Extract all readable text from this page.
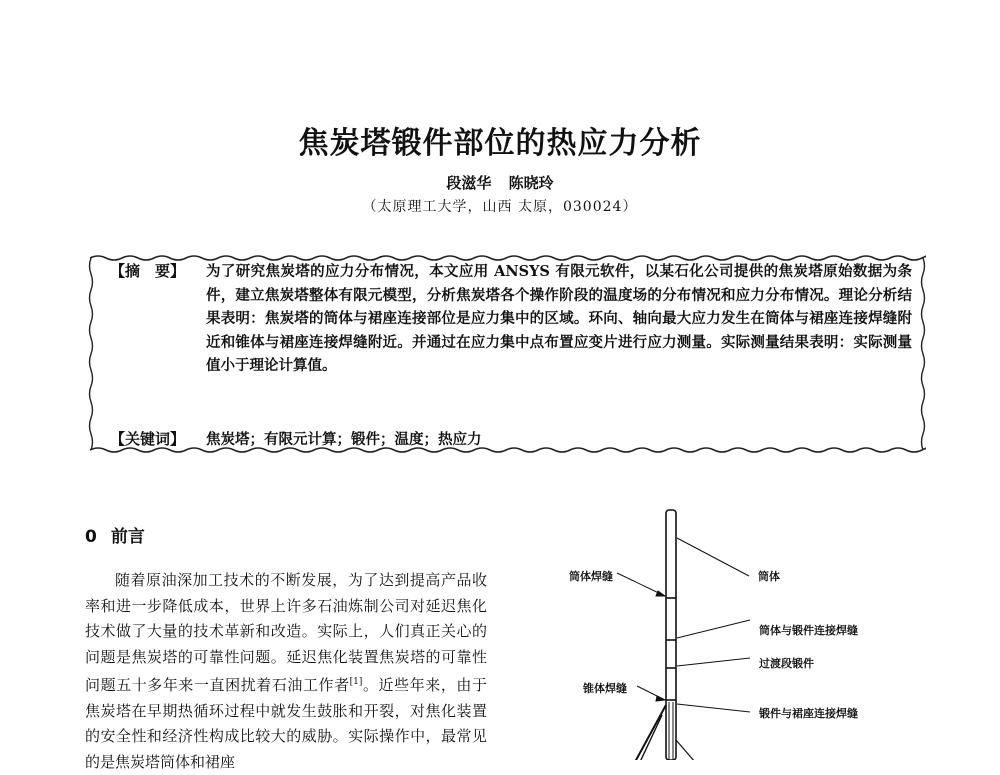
焦炭塔锻件部位的热应力分析
段滋华 陈晓玲
（太原理工大学，山西 太原，030024）
【摘　要】 为了研究焦炭塔的应力分布情况，本文应用 ANSYS 有限元软件，以某石化公司提供的焦炭塔原始数据为条件，建立焦炭塔整体有限元模型，分析焦炭塔各个操作阶段的温度场的分布情况和应力分布情况。理论分析结果表明：焦炭塔的筒体与裙座连接部位是应力集中的区域。环向、轴向最大应力发生在筒体与裙座连接焊缝附近和锥体与裙座连接焊缝附近。并通过在应力集中点布置应变片进行应力测量。实际测量结果表明：实际测量值小于理论计算值。
【关键词】 焦炭塔；有限元计算；锻件；温度；热应力
0 前言
随着原油深加工技术的不断发展，为了达到提高产品收率和进一步降低成本，世界上许多石油炼制公司对延迟焦化技术做了大量的技术革新和改造。实际上，人们真正关心的问题是焦炭塔的可靠性问题。延迟焦化装置焦炭塔的可靠性问题五十多年来一直困扰着石油工作者[1]。近些年来，由于焦炭塔在早期热循环过程中就发生鼓胀和开裂，对焦化装置的安全性和经济性构成比较大的威胁。实际操作中，最常见的是焦炭塔筒体和裙座
筒体焊缝	筒体
筒体与锻件连接焊缝
过渡段锻件
锥体焊缝
锻件与裙座连接焊缝
